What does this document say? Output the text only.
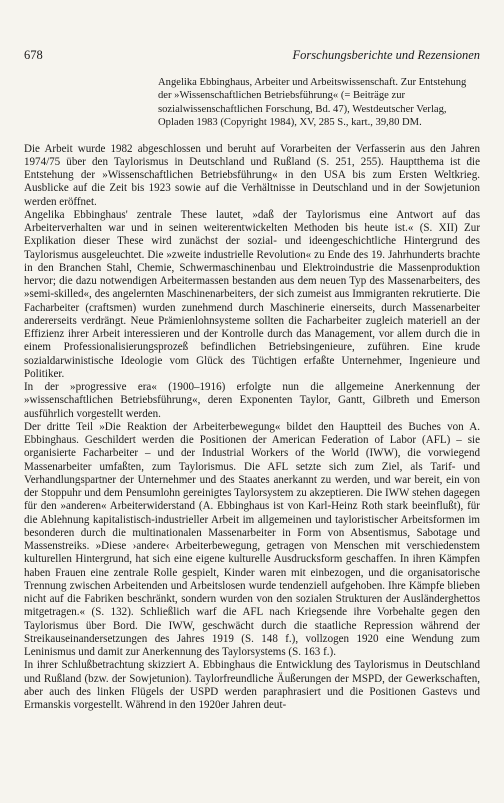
678	Forschungsberichte und Rezensionen
Angelika Ebbinghaus, Arbeiter und Arbeitswissenschaft. Zur Entstehung der »Wissenschaftlichen Betriebsführung« (= Beiträge zur sozialwissenschaftlichen Forschung, Bd. 47), Westdeutscher Verlag, Opladen 1983 (Copyright 1984), XV, 285 S., kart., 39,80 DM.

Die Arbeit wurde 1982 abgeschlossen und beruht auf Vorarbeiten der Verfasserin aus den Jahren 1974/75 über den Taylorismus in Deutschland und Rußland (S. 251, 255). Hauptthema ist die Entstehung der »Wissenschaftlichen Betriebsführung« in den USA bis zum Ersten Weltkrieg. Ausblicke auf die Zeit bis 1923 sowie auf die Verhältnisse in Deutschland und in der Sowjetunion werden eröffnet.

Angelika Ebbinghaus' zentrale These lautet, »daß der Taylorismus eine Antwort auf das Arbeiterverhalten war und in seinen weiterentwickelten Methoden bis heute ist.« (S. XII) Zur Explikation dieser These wird zunächst der sozial- und ideengeschichtliche Hintergrund des Taylorismus ausgeleuchtet. Die »zweite industrielle Revolution« zu Ende des 19. Jahrhunderts brachte in den Branchen Stahl, Chemie, Schwermaschinenbau und Elektroindustrie die Massenproduktion hervor; die dazu notwendigen Arbeitermassen bestanden aus dem neuen Typ des Massenarbeiters, des »semi-skilled«, des angelernten Maschinenarbeiters, der sich zumeist aus Immigranten rekrutierte. Die Facharbeiter (craftsmen) wurden zunehmend durch Maschinerie einerseits, durch Massenarbeiter andererseits verdrängt. Neue Prämienlohnsysteme sollten die Facharbeiter zugleich materiell an der Effizienz ihrer Arbeit interessieren und der Kontrolle durch das Management, vor allem durch die in einem Professionalisierungsprozeß befindlichen Betriebsingenieure, zuführen. Eine krude sozialdarwinistische Ideologie vom Glück des Tüchtigen erfaßte Unternehmer, Ingenieure und Politiker.

In der »progressive era« (1900–1916) erfolgte nun die allgemeine Anerkennung der »wissenschaftlichen Betriebsführung«, deren Exponenten Taylor, Gantt, Gilbreth und Emerson ausführlich vorgestellt werden.

Der dritte Teil »Die Reaktion der Arbeiterbewegung« bildet den Hauptteil des Buches von A. Ebbinghaus. Geschildert werden die Positionen der American Federation of Labor (AFL) – sie organisierte Facharbeiter – und der Industrial Workers of the World (IWW), die vorwiegend Massenarbeiter umfaßten, zum Taylorismus. Die AFL setzte sich zum Ziel, als Tarif- und Verhandlungspartner der Unternehmer und des Staates anerkannt zu werden, und war bereit, ein von der Stoppuhr und dem Pensumlohn gereinigtes Taylorsystem zu akzeptieren. Die IWW stehen dagegen für den »anderen« Arbeiterwiderstand (A. Ebbinghaus ist von Karl-Heinz Roth stark beeinflußt), für die Ablehnung kapitalistisch-industrieller Arbeit im allgemeinen und tayloristischer Arbeitsformen im besonderen durch die multinationalen Massenarbeiter in Form von Absentismus, Sabotage und Massenstreiks. »Diese ›andere‹ Arbeiterbewegung, getragen von Menschen mit verschiedenstem kulturellen Hintergrund, hat sich eine eigene kulturelle Ausdrucksform geschaffen. In ihren Kämpfen haben Frauen eine zentrale Rolle gespielt, Kinder waren mit einbezogen, und die organisatorische Trennung zwischen Arbeitenden und Arbeitslosen wurde tendenziell aufgehoben. Ihre Kämpfe blieben nicht auf die Fabriken beschränkt, sondern wurden von den sozialen Strukturen der Ausländerghettos mitgetragen.« (S. 132). Schließlich warf die AFL nach Kriegsende ihre Vorbehalte gegen den Taylorismus über Bord. Die IWW, geschwächt durch die staatliche Repression während der Streikauseinandersetzungen des Jahres 1919 (S. 148 f.), vollzogen 1920 eine Wendung zum Leninismus und damit zur Anerkennung des Taylorsystems (S. 163 f.).

In ihrer Schlußbetrachtung skizziert A. Ebbinghaus die Entwicklung des Taylorismus in Deutschland und Rußland (bzw. der Sowjetunion). Taylorfreundliche Äußerungen der MSPD, der Gewerkschaften, aber auch des linken Flügels der USPD werden paraphrasiert und die Positionen Gastevs und Ermanskis vorgestellt. Während in den 1920er Jahren deut-
